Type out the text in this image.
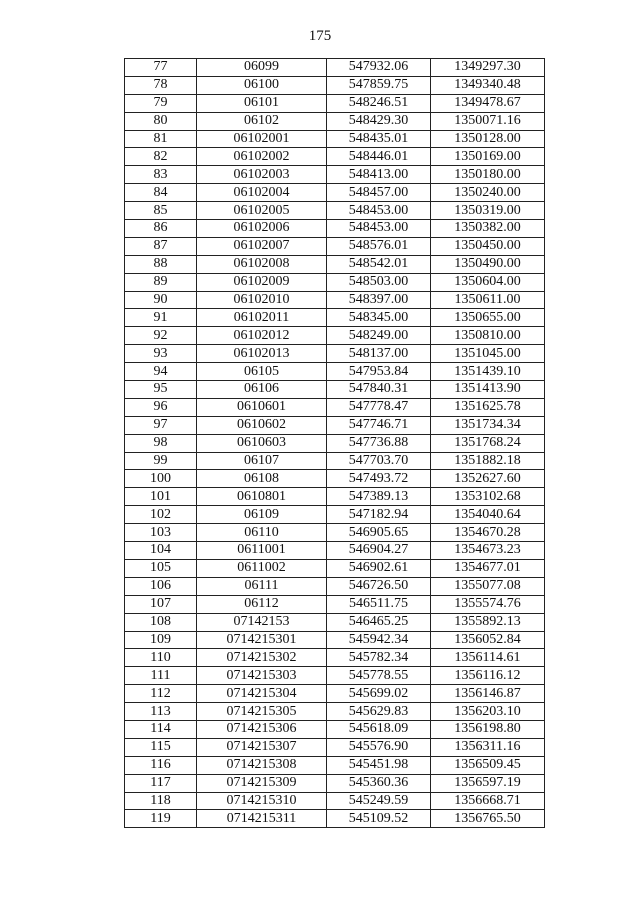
175
77	06099	547932.06	1349297.30
78	06100	547859.75	1349340.48
79	06101	548246.51	1349478.67
80	06102	548429.30	1350071.16
81	06102001	548435.01	1350128.00
82	06102002	548446.01	1350169.00
83	06102003	548413.00	1350180.00
84	06102004	548457.00	1350240.00
85	06102005	548453.00	1350319.00
86	06102006	548453.00	1350382.00
87	06102007	548576.01	1350450.00
88	06102008	548542.01	1350490.00
89	06102009	548503.00	1350604.00
90	06102010	548397.00	1350611.00
91	06102011	548345.00	1350655.00
92	06102012	548249.00	1350810.00
93	06102013	548137.00	1351045.00
94	06105	547953.84	1351439.10
95	06106	547840.31	1351413.90
96	0610601	547778.47	1351625.78
97	0610602	547746.71	1351734.34
98	0610603	547736.88	1351768.24
99	06107	547703.70	1351882.18
100	06108	547493.72	1352627.60
101	0610801	547389.13	1353102.68
102	06109	547182.94	1354040.64
103	06110	546905.65	1354670.28
104	0611001	546904.27	1354673.23
105	0611002	546902.61	1354677.01
106	06111	546726.50	1355077.08
107	06112	546511.75	1355574.76
108	07142153	546465.25	1355892.13
109	0714215301	545942.34	1356052.84
110	0714215302	545782.34	1356114.61
111	0714215303	545778.55	1356116.12
112	0714215304	545699.02	1356146.87
113	0714215305	545629.83	1356203.10
114	0714215306	545618.09	1356198.80
115	0714215307	545576.90	1356311.16
116	0714215308	545451.98	1356509.45
117	0714215309	545360.36	1356597.19
118	0714215310	545249.59	1356668.71
119	0714215311	545109.52	1356765.50
